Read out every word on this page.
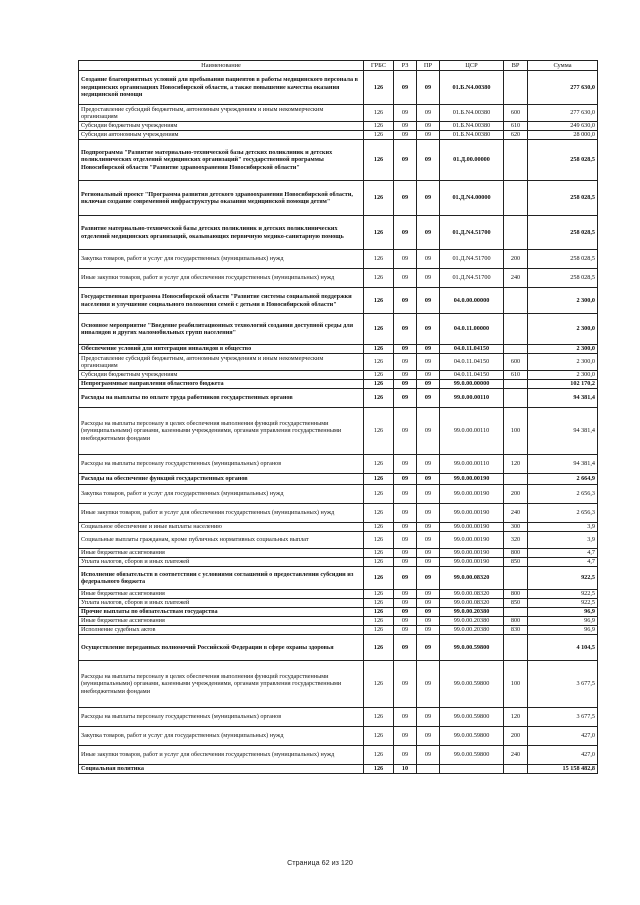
Наименование	ГРБС	РЗ	ПР	ЦСР	ВР	Сумма
Создание благоприятных условий для пребывания пациентов в работы медицинского персонала в медицинских организациях Новосибирской области, а также повышение качества оказания медицинской помощи	126	09	09	01.Б.N4.00380		277 630,0
Предоставление субсидий бюджетным, автономным учреждениям и иным некоммерческим организациям	126	09	09	01.Б.N4.00380	600	277 630,0
Субсидии бюджетным учреждениям	126	09	09	01.Б.N4.00380	610	249 630,0
Субсидии автономным учреждениям	126	09	09	01.Б.N4.00380	620	28 000,0
Подпрограмма "Развитие материально-технической базы детских поликлиник и детских поликлинических отделений медицинских организаций" государственной программы Новосибирской области "Развитие здравоохранения Новосибирской области"	126	09	09	01.Д.00.00000		258 028,5
Региональный проект "Программа развития детского здравоохранения Новосибирской области, включая создание современной инфраструктуры оказания медицинской помощи детям"	126	09	09	01.Д.N4.00000		258 028,5
Развитие материально-технической базы детских поликлиник и детских поликлинических отделений медицинских организаций, оказывающих первичную медико-санитарную помощь	126	09	09	01.Д.N4.51700		258 028,5
Закупка товаров, работ и услуг для государственных (муниципальных) нужд	126	09	09	01.Д.N4.51700	200	258 028,5
Иные закупки товаров, работ и услуг для обеспечения государственных (муниципальных) нужд	126	09	09	01.Д.N4.51700	240	258 028,5
Государственная программа Новосибирской области "Развитие системы социальной поддержки населения и улучшение социального положения семей с детьми в Новосибирской области"	126	09	09	04.0.00.00000		2 300,0
Основное мероприятие "Введение реабилитационных технологий создания доступной среды для инвалидов и других маломобильных групп населения"	126	09	09	04.0.11.00000		2 300,0
Обеспечение условий для интеграции инвалидов в общество	126	09	09	04.0.11.04150		2 300,0
Предоставление субсидий бюджетным, автономным учреждениям и иным некоммерческим организациям	126	09	09	04.0.11.04150	600	2 300,0
Субсидии бюджетным учреждениям	126	09	09	04.0.11.04150	610	2 300,0
Непрограммные направления областного бюджета	126	09	09	99.0.00.00000		102 170,2
Расходы на выплаты по оплате труда работников государственных органов	126	09	09	99.0.00.00110		94 381,4
Расходы на выплаты персоналу в целях обеспечения выполнения функций государственными (муниципальными) органами, казенными учреждениями, органами управления государственными внебюджетными фондами	126	09	09	99.0.00.00110	100	94 381,4
Расходы на выплаты персоналу государственных (муниципальных) органов	126	09	09	99.0.00.00110	120	94 381,4
Расходы на обеспечение функций государственных органов	126	09	09	99.0.00.00190		2 664,9
Закупка товаров, работ и услуг для государственных (муниципальных) нужд	126	09	09	99.0.00.00190	200	2 656,3
Иные закупки товаров, работ и услуг для обеспечения государственных (муниципальных) нужд	126	09	09	99.0.00.00190	240	2 656,3
Социальное обеспечение и иные выплаты населению	126	09	09	99.0.00.00190	300	3,9
Социальные выплаты гражданам, кроме публичных нормативных социальных выплат	126	09	09	99.0.00.00190	320	3,9
Иные бюджетные ассигнования	126	09	09	99.0.00.00190	800	4,7
Уплата налогов, сборов и иных платежей	126	09	09	99.0.00.00190	850	4,7
Исполнение обязательств в соответствии с условиями соглашений о предоставлении субсидии из федерального бюджета	126	09	09	99.0.00.08320		922,5
Иные бюджетные ассигнования	126	09	09	99.0.00.08320	800	922,5
Уплата налогов, сборов и иных платежей	126	09	09	99.0.00.08320	850	922,5
Прочие выплаты по обязательствам государства	126	09	09	99.0.00.20380		96,9
Иные бюджетные ассигнования	126	09	09	99.0.00.20380	800	96,9
Исполнение судебных актов	126	09	09	99.0.00.20380	830	96,9
Осуществление переданных полномочий Российской Федерации в сфере охраны здоровья	126	09	09	99.0.00.59800		4 104,5
Расходы на выплаты персоналу в целях обеспечения выполнения функций государственными (муниципальными) органами, казенными учреждениями, органами управления государственными внебюджетными фондами	126	09	09	99.0.00.59800	100	3 677,5
Расходы на выплаты персоналу государственных (муниципальных) органов	126	09	09	99.0.00.59800	120	3 677,5
Закупка товаров, работ и услуг для государственных (муниципальных) нужд	126	09	09	99.0.00.59800	200	427,0
Иные закупки товаров, работ и услуг для обеспечения государственных (муниципальных) нужд	126	09	09	99.0.00.59800	240	427,0
Социальная политика	126	10				15 158 482,8
Страница 62 из 120
